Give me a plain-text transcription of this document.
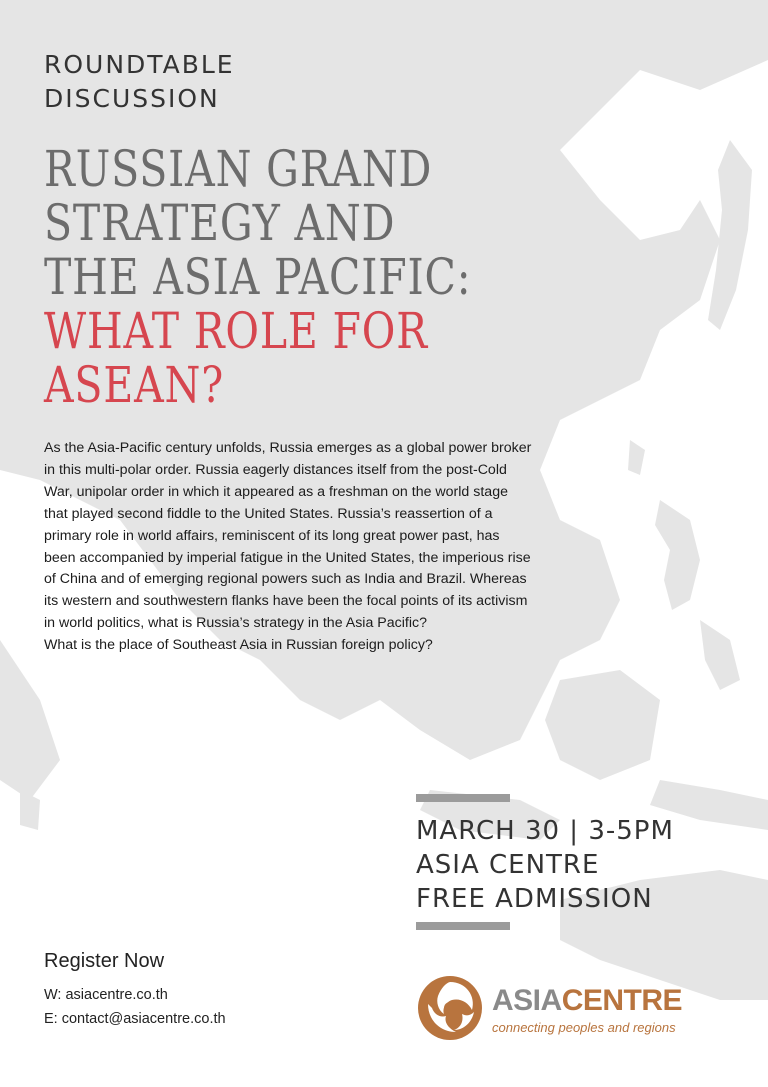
ROUNDTABLE
DISCUSSION
RUSSIAN GRAND
STRATEGY AND
THE ASIA PACIFIC:
WHAT ROLE FOR
ASEAN?

As the Asia-Pacific century unfolds, Russia emerges as a global power broker in this multi-polar order. Russia eagerly distances itself from the post-Cold War, unipolar order in which it appeared as a freshman on the world stage that played second fiddle to the United States. Russia’s reassertion of a primary role in world affairs, reminiscent of its long great power past, has been accompanied by imperial fatigue in the United States, the imperious rise of China and of emerging regional powers such as India and Brazil. Whereas its western and southwestern flanks have been the focal points of its activism in world politics, what is Russia’s strategy in the Asia Pacific?

What is the place of Southeast Asia in Russian foreign policy?

MARCH 30 | 3-5PM
ASIA CENTRE
FREE ADMISSION
Register Now
W: asiacentre.co.th
E: contact@asiacentre.co.th
ASIACENTRE
connecting peoples and regions
